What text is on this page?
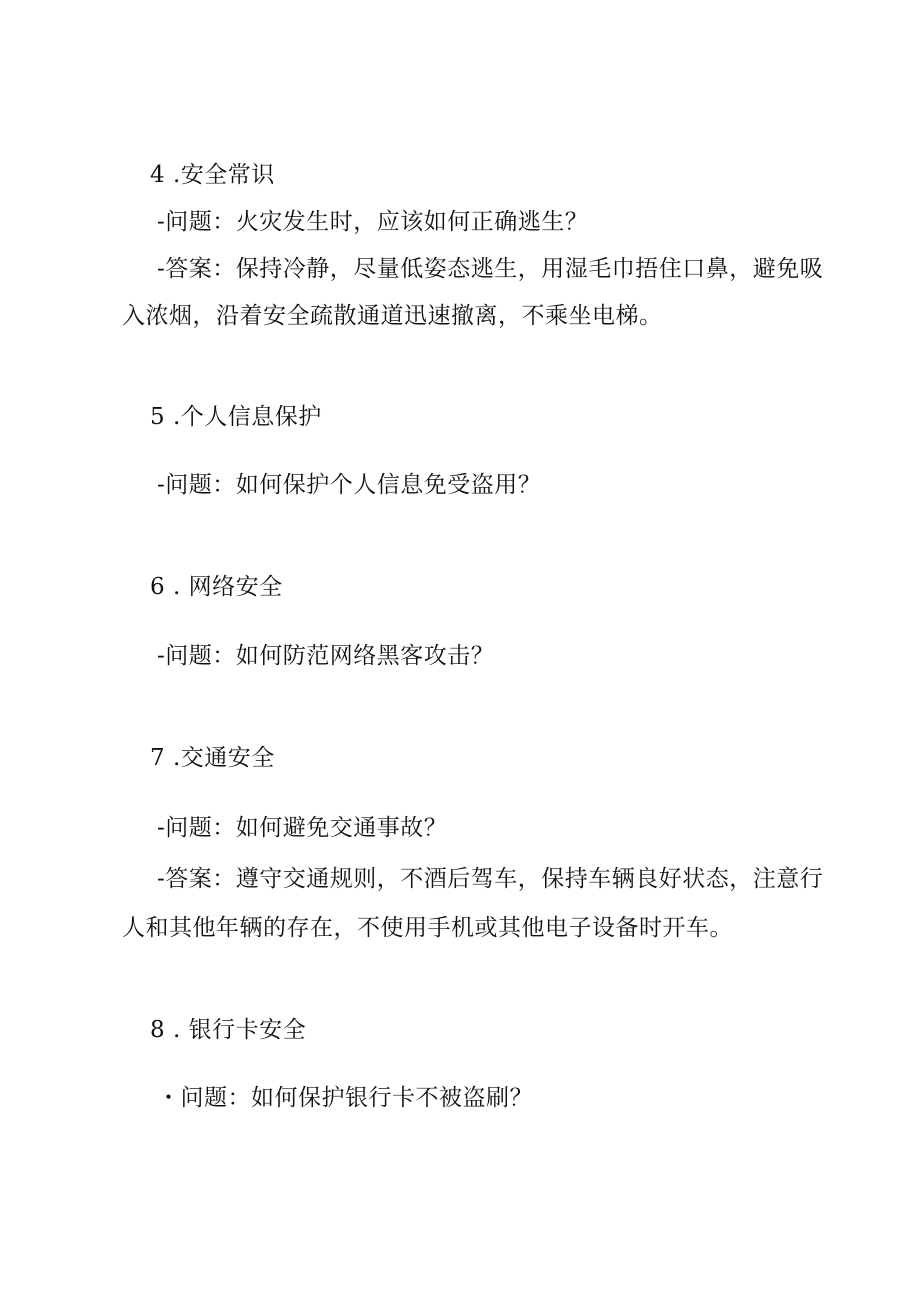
4 .安全常识
-问题：火灾发生时，应该如何正确逃生？
-答案：保持冷静，尽量低姿态逃生，用湿毛巾捂住口鼻，避免吸
入浓烟，沿着安全疏散通道迅速撤离，不乘坐电梯。
5 .个人信息保护
-问题：如何保护个人信息免受盗用？
6 . 网络安全
-问题：如何防范网络黑客攻击？
7 .交通安全
-问题：如何避免交通事故？
-答案：遵守交通规则，不酒后驾车，保持车辆良好状态，注意行
人和其他年辆的存在，不使用手机或其他电子设备时开车。
8 . 银行卡安全
・问题：如何保护银行卡不被盗刷？
